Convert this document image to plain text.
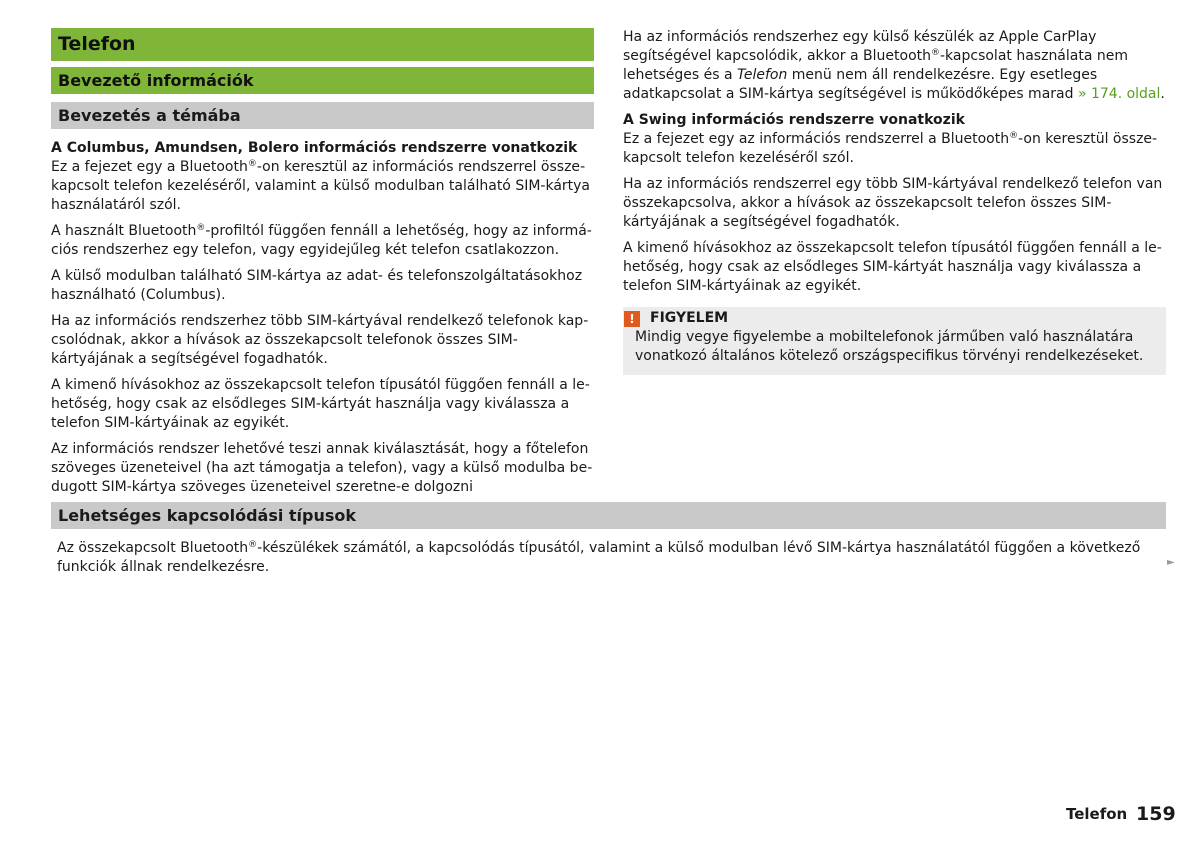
Telefon
Bevezető információk
Bevezetés a témába
A Columbus, Amundsen, Bolero információs rendszerre vonatkozik

Ez a fejezet egy a Bluetooth®-on keresztül az információs rendszerrel összekapcsolt telefon kezeléséről, valamint a külső modulban található SIM-kártya használatáról szól.

A használt Bluetooth®-profiltól függően fennáll a lehetőség, hogy az információs rendszerhez egy telefon, vagy egyidejűleg két telefon csatlakozzon.

A külső modulban található SIM-kártya az adat- és telefonszolgáltatásokhoz használható (Columbus).

Ha az információs rendszerhez több SIM-kártyával rendelkező telefonok kapcsolódnak, akkor a hívások az összekapcsolt telefonok összes SIM-kártyájának a segítségével fogadhatók.

A kimenő hívásokhoz az összekapcsolt telefon típusától függően fennáll a lehetőség, hogy csak az elsődleges SIM-kártyát használja vagy kiválassza a telefon SIM-kártyáinak az egyikét.

Az információs rendszer lehetővé teszi annak kiválasztását, hogy a főtelefon szöveges üzeneteivel (ha azt támogatja a telefon), vagy a külső modulba bedugott SIM-kártya szöveges üzeneteivel szeretne-e dolgozni

Ha az információs rendszerhez egy külső készülék az Apple CarPlay segítségével kapcsolódik, akkor a Bluetooth®-kapcsolat használata nem lehetséges és a Telefon menü nem áll rendelkezésre. Egy esetleges adatkapcsolat a SIM-kártya segítségével is működőképes marad » 174. oldal.

A Swing információs rendszerre vonatkozik

Ez a fejezet egy az információs rendszerrel a Bluetooth®-on keresztül összekapcsolt telefon kezeléséről szól.

Ha az információs rendszerrel egy több SIM-kártyával rendelkező telefon van összekapcsolva, akkor a hívások az összekapcsolt telefon összes SIM-kártyájának a segítségével fogadhatók.

A kimenő hívásokhoz az összekapcsolt telefon típusától függően fennáll a lehetőség, hogy csak az elsődleges SIM-kártyát használja vagy kiválassza a telefon SIM-kártyáinak az egyikét.

!	FIGYELEM
Mindig vegye figyelembe a mobiltelefonok járműben való használatára vonatkozó általános kötelező országspecifikus törvényi rendelkezéseket.
Lehetséges kapcsolódási típusok

Az összekapcsolt Bluetooth®-készülékek számától, a kapcsolódás típusától, valamint a külső modulban lévő SIM-kártya használatától függően a következő funkciók állnak rendelkezésre.	►
Telefon 159
